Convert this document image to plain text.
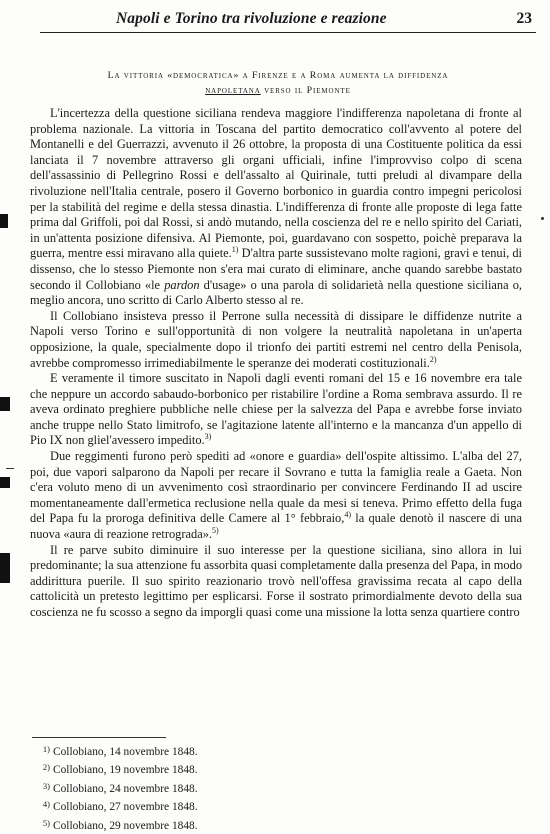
Napoli e Torino tra rivoluzione e reazione	23
La vittoria «democratica» a Firenze e a Roma aumenta la diffidenza
napoletana verso il Piemonte

L'incertezza della questione siciliana rendeva maggiore l'indifferenza napoletana di fronte al problema nazionale. La vittoria in Toscana del partito democratico coll'avvento al potere del Montanelli e del Guerrazzi, avvenuto il 26 ottobre, la proposta di una Costituente politica da essi lanciata il 7 novembre attraverso gli organi ufficiali, infine l'improvviso colpo di scena dell'assassinio di Pellegrino Rossi e dell'assalto al Quirinale, tutti preludi al divampare della rivoluzione nell'Italia centrale, posero il Governo borbonico in guardia contro impegni pericolosi per la stabilità del regime e della stessa dinastia. L'indifferenza di fronte alle proposte di lega fatte prima dal Griffoli, poi dal Rossi, si andò mutando, nella coscienza del re e nello spirito del Cariati, in un'attenta posizione difensiva. Al Piemonte, poi, guardavano con sospetto, poichè preparava la guerra, mentre essi miravano alla quiete.$^{1)}$ D'altra parte sussistevano molte ragioni, gravi e tenui, di dissenso, che lo stesso Piemonte non s'era mai curato di eliminare, anche quando sarebbe bastato secondo il Collobiano «le pardon d'usage» o una parola di solidarietà nella questione siciliana o, meglio ancora, uno scritto di Carlo Alberto stesso al re.

Il Collobiano insisteva presso il Perrone sulla necessità di dissipare le diffidenze nutrite a Napoli verso Torino e sull'opportunità di non volgere la neutralità napoletana in un'aperta opposizione, la quale, specialmente dopo il trionfo dei partiti estremi nel centro della Penisola, avrebbe compromesso irrimediabilmente le speranze dei moderati costituzionali.$^{2)}$

E veramente il timore suscitato in Napoli dagli eventi romani del 15 e 16 novembre era tale che neppure un accordo sabaudo-borbonico per ristabilire l'ordine a Roma sembrava assurdo. Il re aveva ordinato preghiere pubbliche nelle chiese per la salvezza del Papa e avrebbe forse inviato anche truppe nello Stato limitrofo, se l'agitazione latente all'interno e la mancanza d'un appello di Pio IX non gliel'avessero impedito.$^{3)}$

Due reggimenti furono però spediti ad «onore e guardia» dell'ospite altissimo. L'alba del 27, poi, due vapori salparono da Napoli per recare il Sovrano e tutta la famiglia reale a Gaeta. Non c'era voluto meno di un avvenimento così straordinario per convincere Ferdinando II ad uscire momentaneamente dall'ermetica reclusione nella quale da mesi si teneva. Primo effetto della fuga del Papa fu la proroga definitiva delle Camere al 1° febbraio,$^{4)}$ la quale denotò il nascere di una nuova «aura di reazione retrograda».$^{5)}$

Il re parve subito diminuire il suo interesse per la questione siciliana, sino allora in lui predominante; la sua attenzione fu assorbita quasi completamente dalla presenza del Papa, in modo addirittura puerile. Il suo spirito reazionario trovò nell'offesa gravissima recata al capo della cattolicità un pretesto legittimo per esplicarsi. Forse il sostrato primordialmente devoto della sua coscienza ne fu scosso a segno da imporgli quasi come una missione la lotta senza quartiere contro

1) Collobiano, 14 novembre 1848.
2) Collobiano, 19 novembre 1848.
3) Collobiano, 24 novembre 1848.
4) Collobiano, 27 novembre 1848.
5) Collobiano, 29 novembre 1848.
